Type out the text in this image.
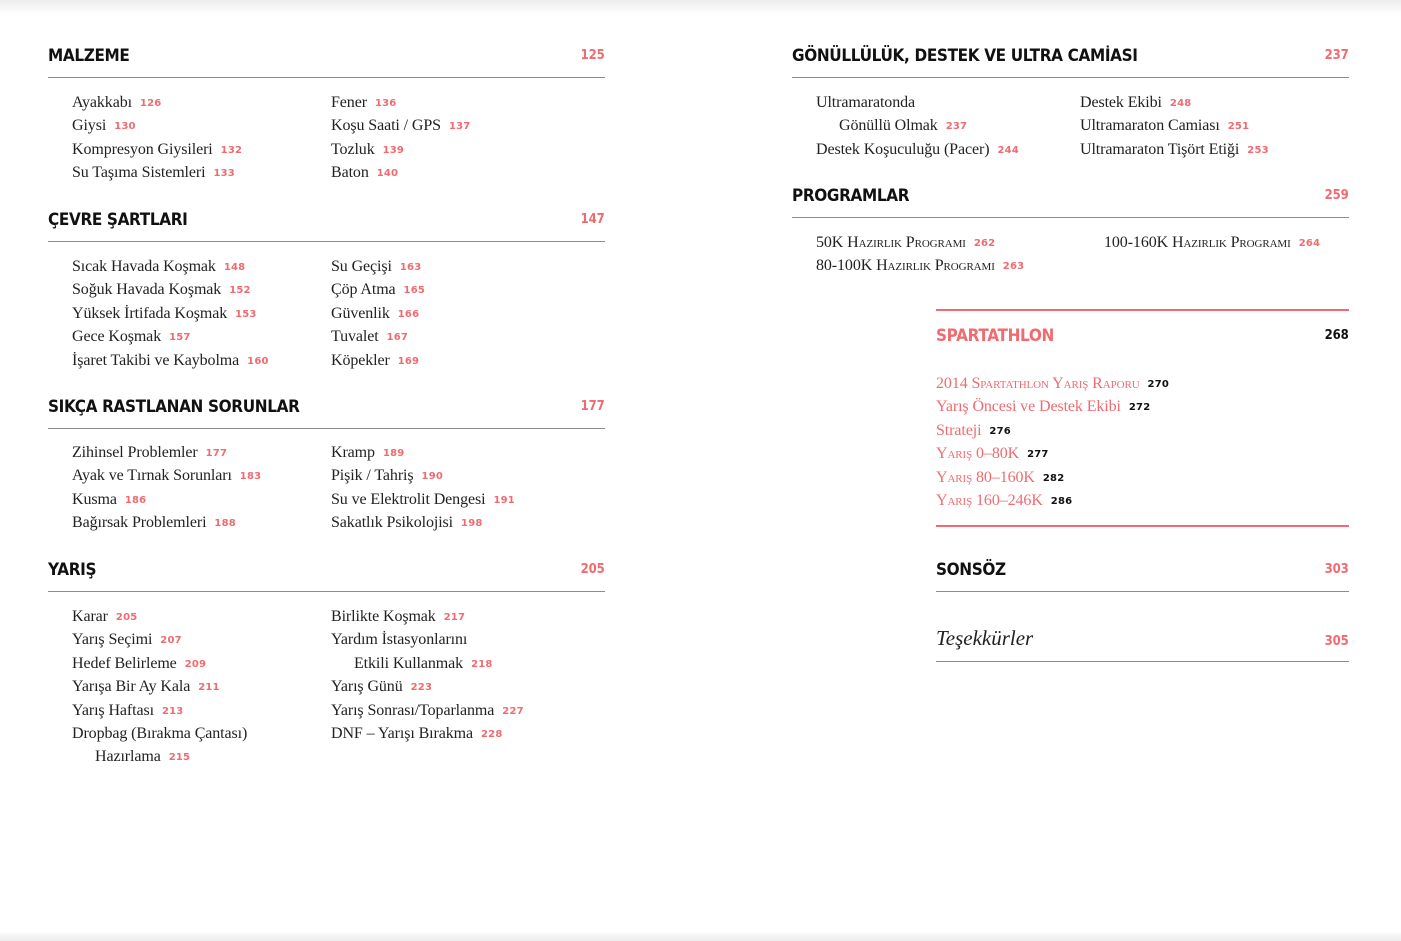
MALZEME	125
Ayakkabı 126
Giysi 130
Kompresyon Giysileri 132
Su Taşıma Sistemleri 133
Fener 136
Koşu Saati / GPS 137
Tozluk 139
Baton 140
ÇEVRE ŞARTLARI	147
Sıcak Havada Koşmak 148
Soğuk Havada Koşmak 152
Yüksek İrtifada Koşmak 153
Gece Koşmak 157
İşaret Takibi ve Kaybolma 160
Su Geçişi 163
Çöp Atma 165
Güvenlik 166
Tuvalet 167
Köpekler 169
SIKÇA RASTLANAN SORUNLAR	177
Zihinsel Problemler 177
Ayak ve Tırnak Sorunları 183
Kusma 186
Bağırsak Problemleri 188
Kramp 189
Pişik / Tahriş 190
Su ve Elektrolit Dengesi 191
Sakatlık Psikolojisi 198
YARIŞ	205
Karar 205
Yarış Seçimi 207
Hedef Belirleme 209
Yarışa Bir Ay Kala 211
Yarış Haftası 213
Dropbag (Bırakma Çantası)
Hazırlama 215
Birlikte Koşmak 217
Yardım İstasyonlarını
Etkili Kullanmak 218
Yarış Günü 223
Yarış Sonrası/Toparlanma 227
DNF – Yarışı Bırakma 228
GÖNÜLLÜLÜK, DESTEK VE ULTRA CAMİASI	237
Ultramaratonda
Gönüllü Olmak 237
Destek Koşuculuğu (Pacer) 244
Destek Ekibi 248
Ultramaraton Camiası 251
Ultramaraton Tişört Etiği 253
PROGRAMLAR	259
50K Hazırlık Programı 262
80-100K Hazırlık Programı 263
100-160K Hazırlık Programı 264
SPARTATHLON	268
2014 Spartathlon Yarış Raporu 270
Yarış Öncesi ve Destek Ekibi 272
Strateji 276
Yarış 0–80K 277
Yarış 80–160K 282
Yarış 160–246K 286
SONSÖZ	303
Teşekkürler	305
